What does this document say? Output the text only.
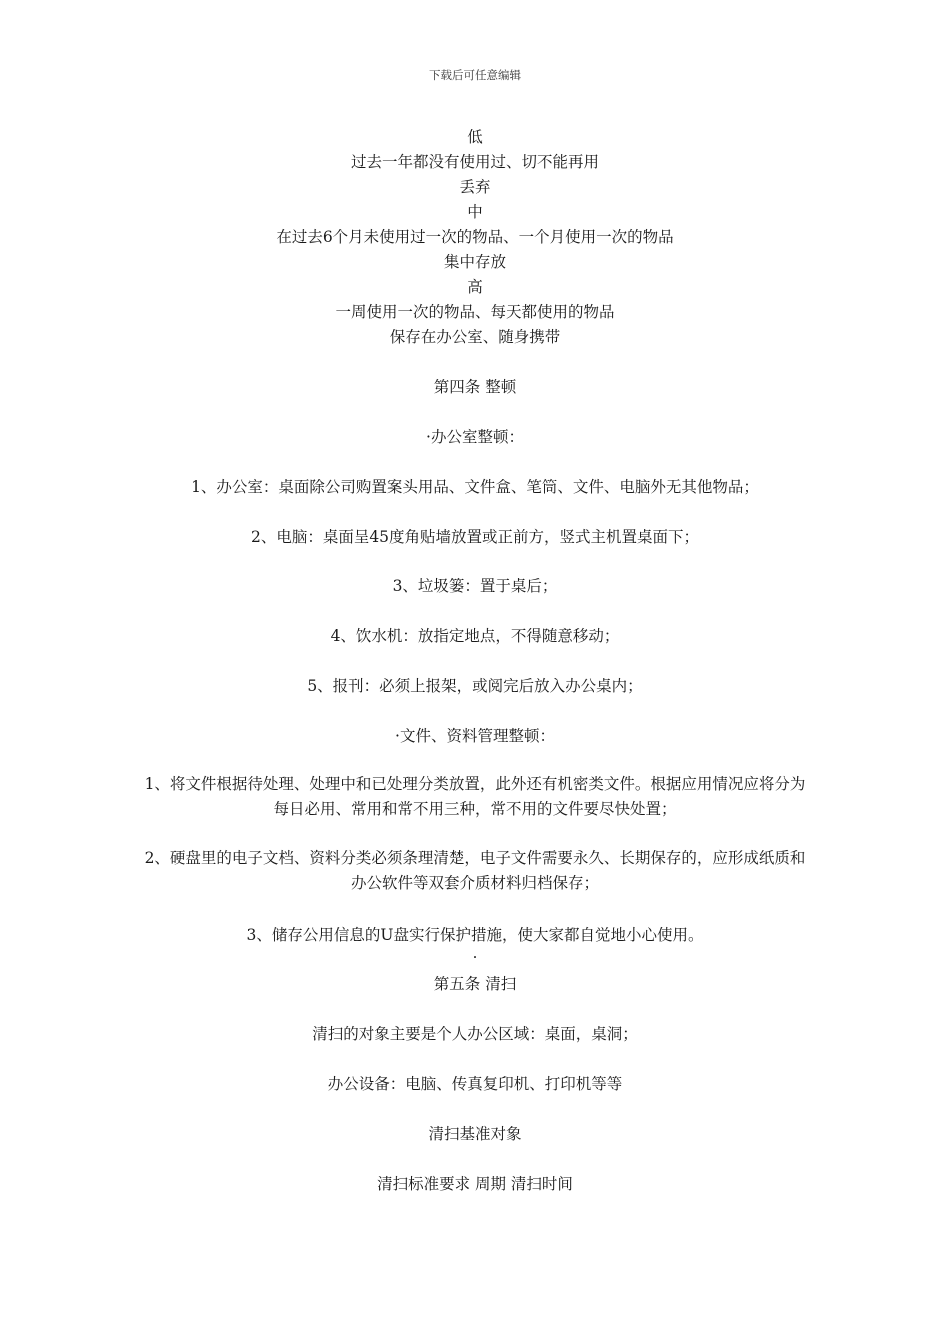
下载后可任意编辑
低
过去一年都没有使用过、切不能再用
丢弃
中
在过去6个月未使用过一次的物品、一个月使用一次的物品
集中存放
高
一周使用一次的物品、每天都使用的物品
保存在办公室、随身携带
第四条 整顿
·办公室整顿：
1、办公室：桌面除公司购置案头用品、文件盒、笔筒、文件、电脑外无其他物品；
2、电脑：桌面呈45度角贴墙放置或正前方，竖式主机置桌面下；
3、垃圾篓：置于桌后；
4、饮水机：放指定地点，不得随意移动；
5、报刊：必须上报架，或阅完后放入办公桌内；
·文件、资料管理整顿：
1、将文件根据待处理、处理中和已处理分类放置，此外还有机密类文件。根据应用情况应将分为每日必用、常用和常不用三种，常不用的文件要尽快处置；
2、硬盘里的电子文档、资料分类必须条理清楚，电子文件需要永久、长期保存的，应形成纸质和办公软件等双套介质材料归档保存；
3、储存公用信息的U盘实行保护措施，使大家都自觉地小心使用。
·
第五条 清扫
清扫的对象主要是个人办公区域：桌面，桌洞；
办公设备：电脑、传真复印机、打印机等等
清扫基准对象
清扫标准要求 周期 清扫时间
